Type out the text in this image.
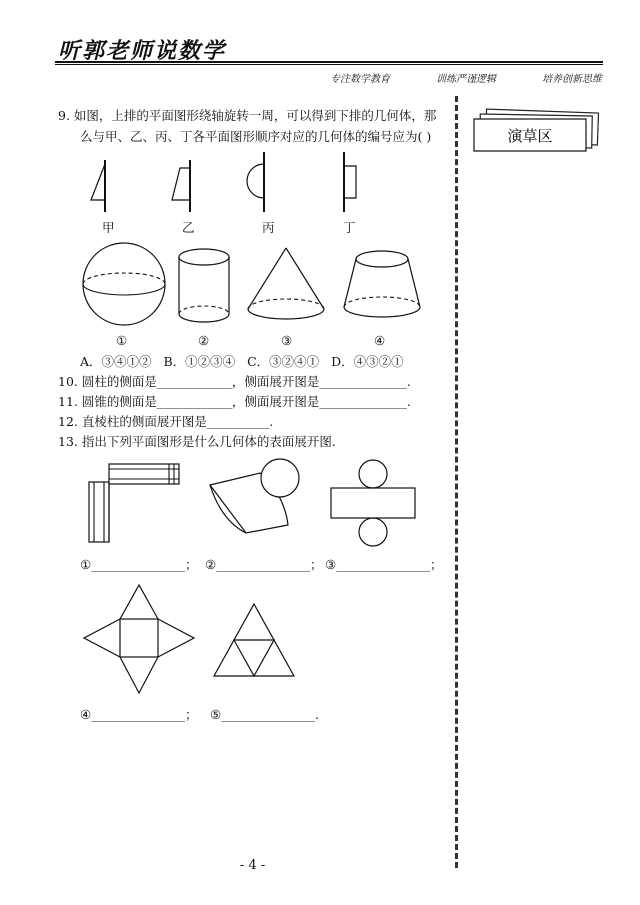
听郭老师说数学
专注数学教育	训练严谨逻辑	培养创新思维
演草区
9. 如图，上排的平面图形绕轴旋转一周，可以得到下排的几何体，那
么与甲、乙、丙、丁各平面图形顺序对应的几何体的编号应为( )
甲	乙	丙	丁
①	②	③	④
A．③④①② B．①②③④ C．③②④① D．④③②①
10. 圆柱的侧面是____________，侧面展开图是______________.
11. 圆锥的侧面是____________，侧面展开图是______________.
12. 直棱柱的侧面展开图是__________.
13. 指出下列平面图形是什么几何体的表面展开图.
①_______________； ②_______________； ③_______________；
④_______________； ⑤_______________.
- 4 -
